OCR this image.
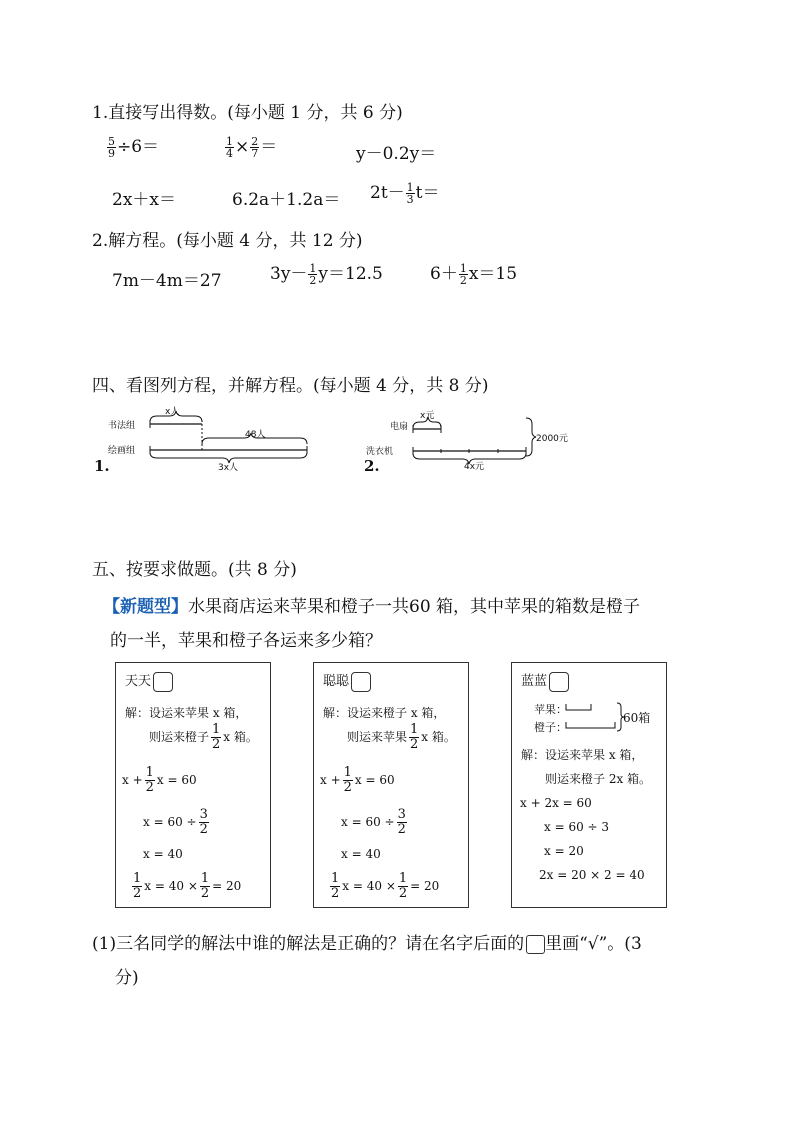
1.直接写出得数。(每小题 1 分，共 6 分)
$\frac{5}{9} \div 6=$	$\frac{1}{4} \times \frac{2}{7}$ ＝	y－0.2y＝
2x＋x＝	$6.2a+1.2a= 2t- \frac{1}{3} t=$
2.解方程。(每小题 4 分，共 12 分)
7m－4m＝27	$3y- \frac{1}{2} y=12.5$	$6+ \frac{1}{2} x=15$
四、看图列方程，并解方程。(每小题 4 分，共 8 分)
书法组
绘画组
x人
48人
3x人
1.
电扇
洗衣机
x元
2000元
4x元
2.
五、按要求做题。(共 8 分)
【新题型】水果商店运来苹果和橙子一共60 箱，其中苹果的箱数是橙子
的一半，苹果和橙子各运来多少箱？
天天
解：设运来苹果 x 箱，
则运来橙子 $\frac{1}{2}$ x 箱。
$x + \frac{1}{2}$ x = 60
$x = 60 \div \frac{3}{2}$
x = 40
$\frac{1}{2}$ $x = 40 \times \frac{1}{2} = 20$
聪聪
解：设运来橙子 x 箱，
则运来苹果 $\frac{1}{2}$ x 箱。
$x + \frac{1}{2}$ x = 60
$x = 60 \div \frac{3}{2}$
x = 40
$\frac{1}{2}$ $x = 40 \times \frac{1}{2} = 20$
蓝蓝
苹果：
橙子：
60箱
解：设运来苹果 x 箱，
则运来橙子 2x 箱。
x + 2x = 60
x = 60 ÷ 3
x = 20
2x = 20 × 2 = 40
(1)三名同学的解法中谁的解法是正确的？请在名字后面的 里画“√”。(3
分)
